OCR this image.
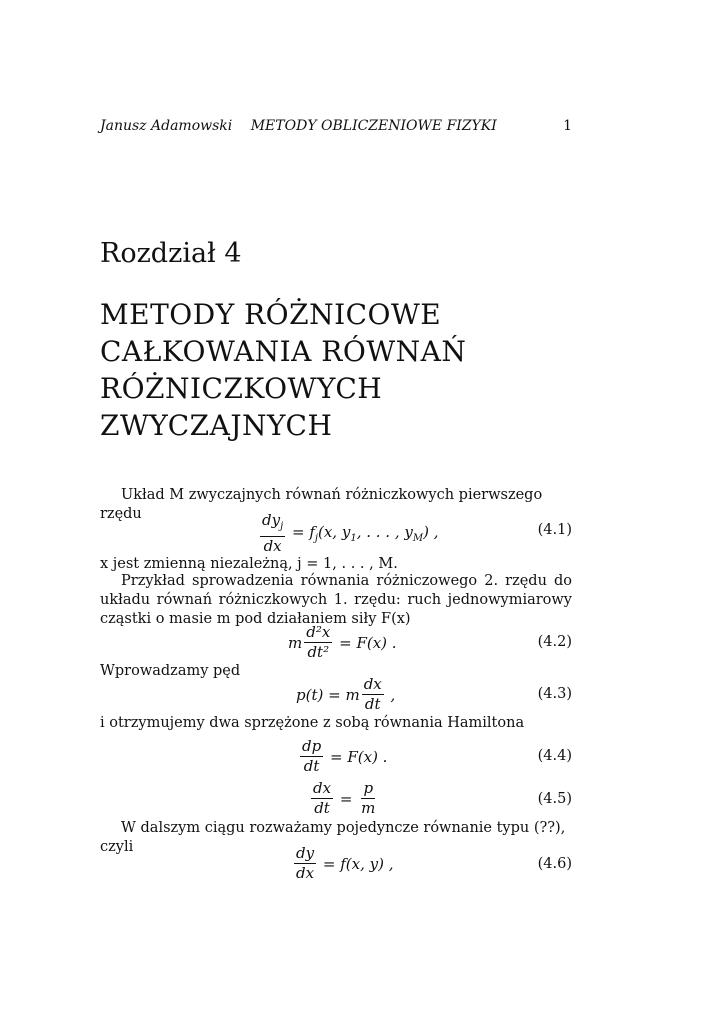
Janusz Adamowski METODY OBLICZENIOWE FIZYKI	1
Rozdział 4
METODY RÓŻNICOWE
CAŁKOWANIA RÓWNAŃ
RÓŻNICZKOWYCH
ZWYCZAJNYCH
Układ M zwyczajnych równań różniczkowych pierwszego rzędu	$\frac{dy_j}{dx} = f_j(x$, $y_1$, . . . , $y_M$) ,	(4.1)
x jest zmienną niezależną, j = 1, . . . , M.
Przykład sprowadzenia równania różniczowego 2. rzędu do układu równań różniczkowych 1. rzędu: ruch jednowymiarowy cząstki o masie m pod działaniem siły F(x)
m $\frac{\text{d²x}}{\text{dt²}} = F(x)$ .	(4.2)
Wprowadzamy pęd
p(t) = m $\frac{dx}{dt}$ ,	(4.3)
i otrzymujemy dwa sprzężone z sobą równania Hamiltona
$\frac{dp}{dt} = F(x)$ .	(4.4)
$\frac{dx}{dt} = \frac{p}{m}$	(4.5)
W dalszym ciągu rozważamy pojedyncze równanie typu (??), czyli	$\frac{dy}{dx} = f(x$, y) ,	(4.6)
